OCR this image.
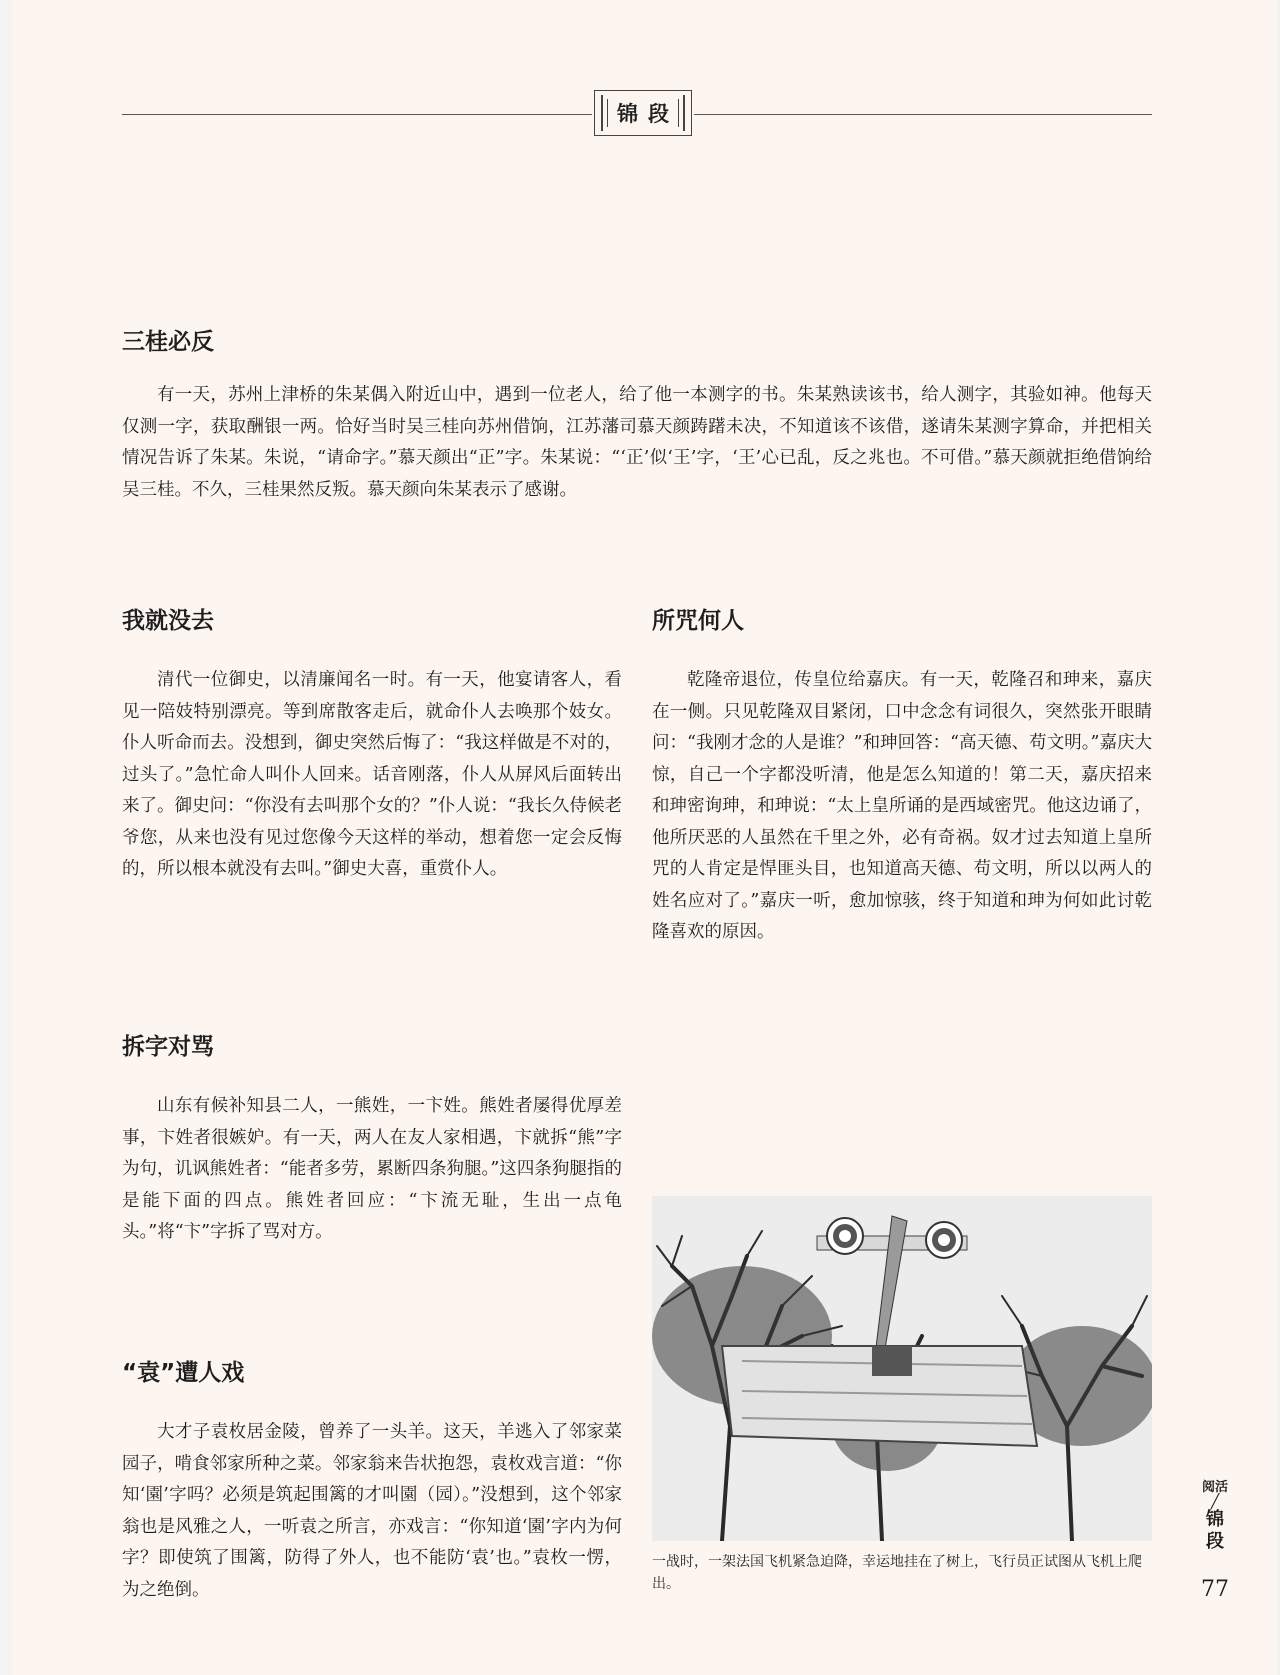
锦段
三桂必反

有一天，苏州上津桥的朱某偶入附近山中，遇到一位老人，给了他一本测字的书。朱某熟读该书，给人测字，其验如神。他每天仅测一字，获取酬银一两。恰好当时吴三桂向苏州借饷，江苏藩司慕天颜踌躇未决，不知道该不该借，遂请朱某测字算命，并把相关情况告诉了朱某。朱说，“请命字。”慕天颜出“正”字。朱某说：“‘正’似‘王’字，‘王’心已乱，反之兆也。不可借。”慕天颜就拒绝借饷给吴三桂。不久，三桂果然反叛。慕天颜向朱某表示了感谢。

我就没去

清代一位御史，以清廉闻名一时。有一天，他宴请客人，看见一陪妓特别漂亮。等到席散客走后，就命仆人去唤那个妓女。仆人听命而去。没想到，御史突然后悔了：“我这样做是不对的，过头了。”急忙命人叫仆人回来。话音刚落，仆人从屏风后面转出来了。御史问：“你没有去叫那个女的？”仆人说：“我长久侍候老爷您，从来也没有见过您像今天这样的举动，想着您一定会反悔的，所以根本就没有去叫。”御史大喜，重赏仆人。

所咒何人

乾隆帝退位，传皇位给嘉庆。有一天，乾隆召和珅来，嘉庆在一侧。只见乾隆双目紧闭，口中念念有词很久，突然张开眼睛问：“我刚才念的人是谁？”和珅回答：“高天德、苟文明。”嘉庆大惊，自己一个字都没听清，他是怎么知道的！第二天，嘉庆招来和珅密询珅，和珅说：“太上皇所诵的是西域密咒。他这边诵了，他所厌恶的人虽然在千里之外，必有奇祸。奴才过去知道上皇所咒的人肯定是悍匪头目，也知道高天德、苟文明，所以以两人的姓名应对了。”嘉庆一听，愈加惊骇，终于知道和珅为何如此讨乾隆喜欢的原因。

拆字对骂

山东有候补知县二人，一熊姓，一卞姓。熊姓者屡得优厚差事，卞姓者很嫉妒。有一天，两人在友人家相遇，卞就拆“熊”字为句，讥讽熊姓者：“能者多劳，累断四条狗腿。”这四条狗腿指的是能下面的四点。熊姓者回应：“卞流无耻，生出一点龟头。”将“卞”字拆了骂对方。

“袁”遭人戏

大才子袁枚居金陵，曾养了一头羊。这天，羊逃入了邻家菜园子，啃食邻家所种之菜。邻家翁来告状抱怨，袁枚戏言道：“你知‘園’字吗？必须是筑起围篱的才叫園（园）。”没想到，这个邻家翁也是风雅之人，一听袁之所言，亦戏言：“你知道‘園’字内为何字？即使筑了围篱，防得了外人，也不能防‘袁’也。”袁枚一愣，为之绝倒。

一战时，一架法国飞机紧急迫降，幸运地挂在了树上，飞行员正试图从飞机上爬出。
阅活
╱
锦段
77
